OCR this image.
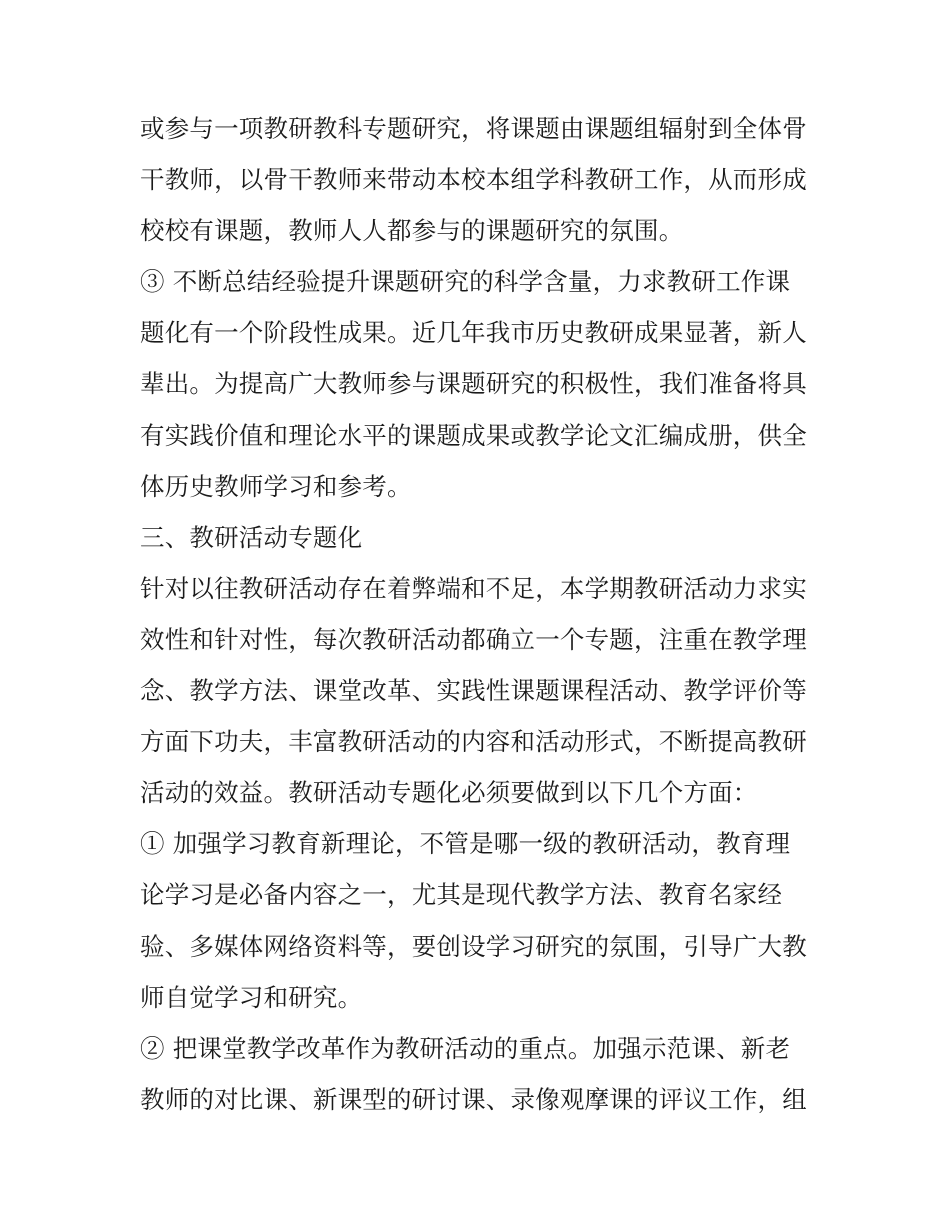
或参与一项教研教科专题研究，将课题由课题组辐射到全体骨
干教师，以骨干教师来带动本校本组学科教研工作，从而形成
校校有课题，教师人人都参与的课题研究的氛围。
③ 不断总结经验提升课题研究的科学含量，力求教研工作课
题化有一个阶段性成果。近几年我市历史教研成果显著，新人
辈出。为提高广大教师参与课题研究的积极性，我们准备将具
有实践价值和理论水平的课题成果或教学论文汇编成册，供全
体历史教师学习和参考。
三、教研活动专题化
针对以往教研活动存在着弊端和不足，本学期教研活动力求实
效性和针对性，每次教研活动都确立一个专题，注重在教学理
念、教学方法、课堂改革、实践性课题课程活动、教学评价等
方面下功夫，丰富教研活动的内容和活动形式，不断提高教研
活动的效益。教研活动专题化必须要做到以下几个方面：
① 加强学习教育新理论，不管是哪一级的教研活动，教育理
论学习是必备内容之一，尤其是现代教学方法、教育名家经
验、多媒体网络资料等，要创设学习研究的氛围，引导广大教
师自觉学习和研究。
② 把课堂教学改革作为教研活动的重点。加强示范课、新老
教师的对比课、新课型的研讨课、录像观摩课的评议工作，组
